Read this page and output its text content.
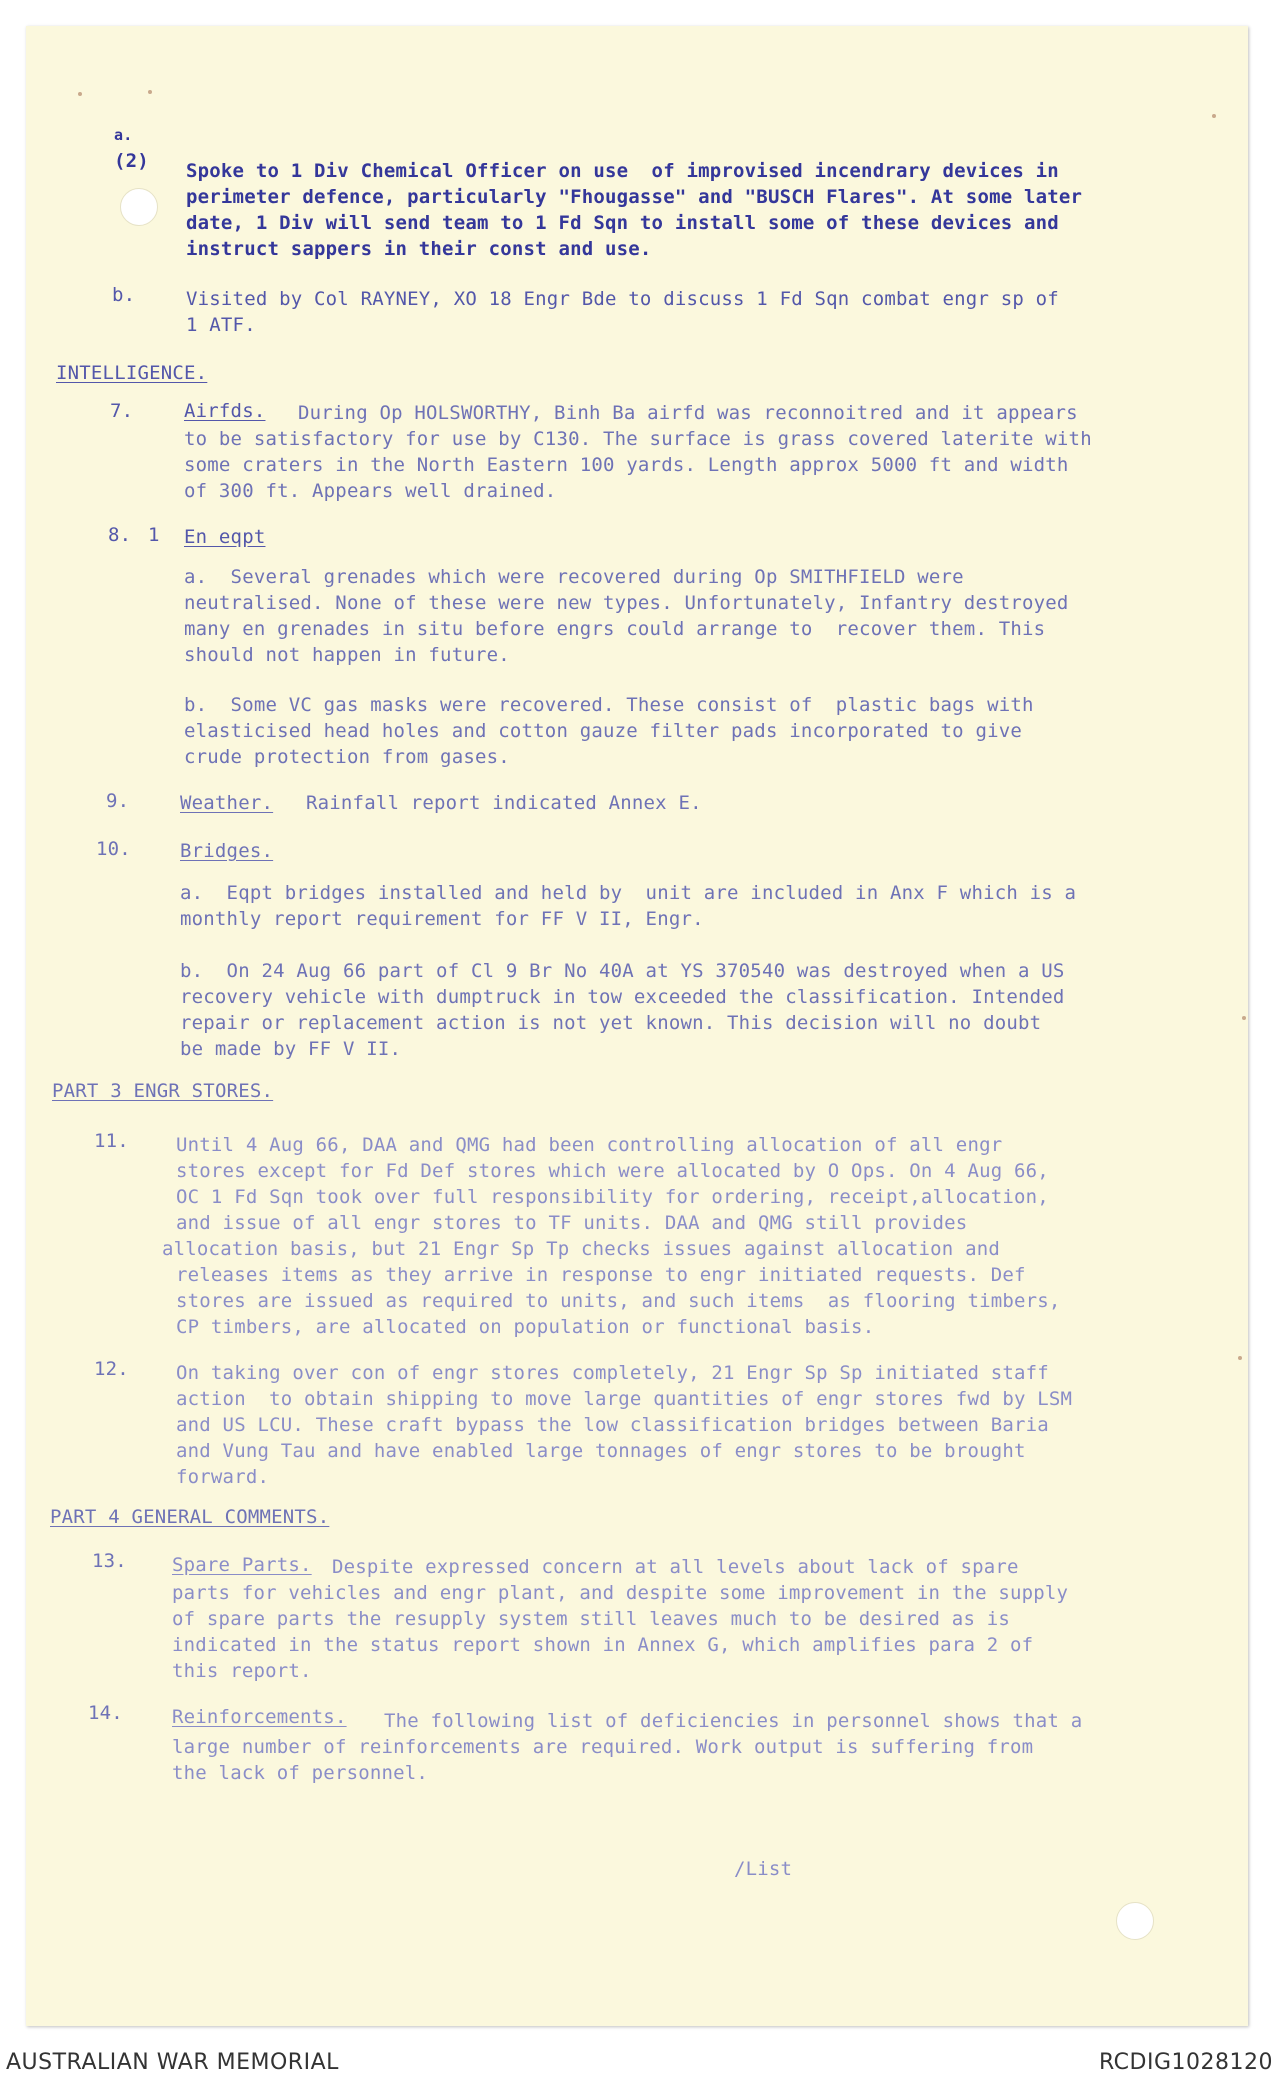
a.
(2) Spoke to 1 Div Chemical Officer on use  of improvised incendrary devices in
perimeter defence, particularly "Fhougasse" and "BUSCH Flares". At some later
date, 1 Div will send team to 1 Fd Sqn to install some of these devices and
instruct sappers in their const and use.
b.	Visited by Col RAYNEY, XO 18 Engr Bde to discuss 1 Fd Sqn combat engr sp of
1 ATF.
INTELLIGENCE.
7.	Airfds. During Op HOLSWORTHY, Binh Ba airfd was reconnoitred and it appears
to be satisfactory for use by C130. The surface is grass covered laterite with
some craters in the North Eastern 100 yards. Length approx 5000 ft and width
of 300 ft. Appears well drained.
8. 1 En eqpt
a.  Several grenades which were recovered during Op SMITHFIELD were
neutralised. None of these were new types. Unfortunately, Infantry destroyed
many en grenades in situ before engrs could arrange to  recover them. This
should not happen in future.
b.  Some VC gas masks were recovered. These consist of  plastic bags with
elasticised head holes and cotton gauze filter pads incorporated to give
crude protection from gases.
9.	Weather. Rainfall report indicated Annex E.
10.	Bridges.
a.  Eqpt bridges installed and held by  unit are included in Anx F which is a
monthly report requirement for FF V II, Engr.
b.  On 24 Aug 66 part of Cl 9 Br No 40A at YS 370540 was destroyed when a US
recovery vehicle with dumptruck in tow exceeded the classification. Intended
repair or replacement action is not yet known. This decision will no doubt
be made by FF V II.
PART 3 ENGR STORES.
11. Until 4 Aug 66, DAA and QMG had been controlling allocation of all engr
stores except for Fd Def stores which were allocated by O Ops. On 4 Aug 66,
OC 1 Fd Sqn took over full responsibility for ordering, receipt,allocation,
and issue of all engr stores to TF units. DAA and QMG still provides
allocation basis, but 21 Engr Sp Tp checks issues against allocation and
releases items as they arrive in response to engr initiated requests. Def
stores are issued as required to units, and such items  as flooring timbers,
CP timbers, are allocated on population or functional basis.
12. On taking over con of engr stores completely, 21 Engr Sp Sp initiated staff
action  to obtain shipping to move large quantities of engr stores fwd by LSM
and US LCU. These craft bypass the low classification bridges between Baria
and Vung Tau and have enabled large tonnages of engr stores to be brought
forward.
PART 4 GENERAL COMMENTS.
13. Spare Parts. Despite expressed concern at all levels about lack of spare
parts for vehicles and engr plant, and despite some improvement in the supply
of spare parts the resupply system still leaves much to be desired as is
indicated in the status report shown in Annex G, which amplifies para 2 of
this report.
14.	Reinforcements. The following list of deficiencies in personnel shows that a
large number of reinforcements are required. Work output is suffering from
the lack of personnel.
/List
AUSTRALIAN WAR MEMORIAL	RCDIG1028120
